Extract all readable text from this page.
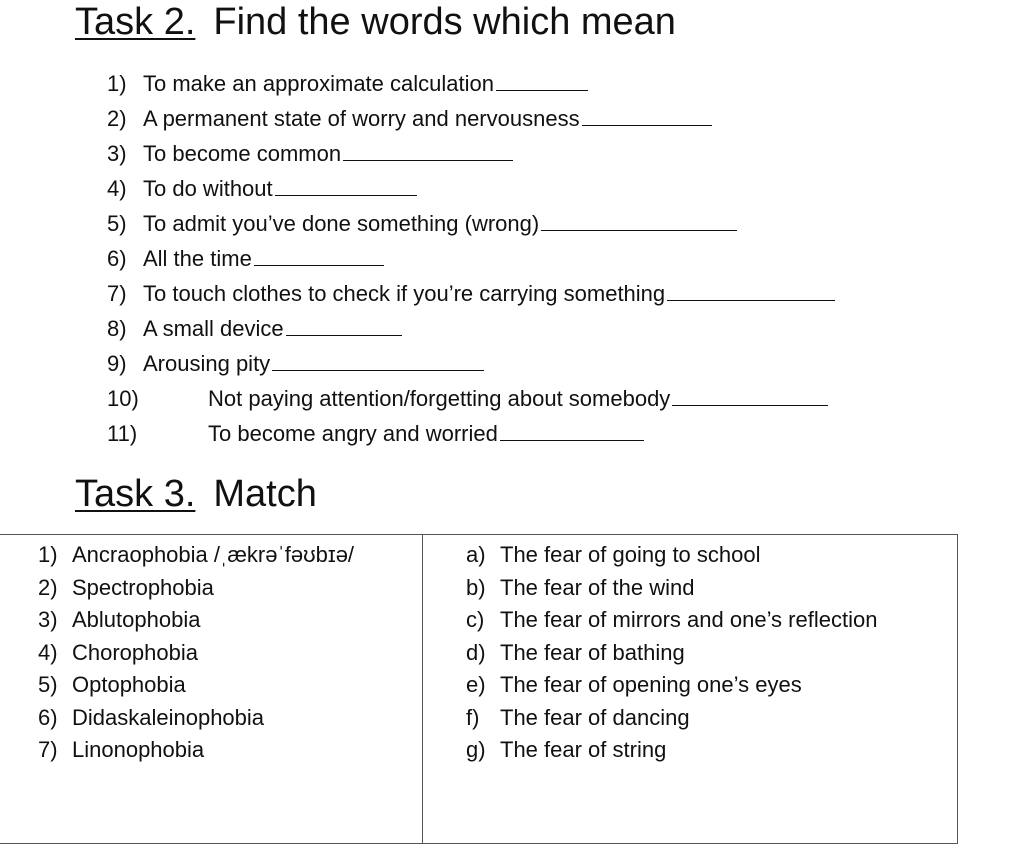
Task 2. Find the words which mean
1) To make an approximate calculation
2) A permanent state of worry and nervousness
3) To become common
4) To do without
5) To admit you’ve done something (wrong)
6) All the time
7) To touch clothes to check if you’re carrying something
8) A small device
9) Arousing pity
10)	Not paying attention/forgetting about somebody
11)	To become angry and worried
Task 3. Match
1) Ancraophobia /ˌækrəˈfəʊbɪə/
2) Spectrophobia
3) Ablutophobia
4) Chorophobia
5) Optophobia
6) Didaskaleinophobia
7) Linonophobia
a) The fear of going to school
b) The fear of the wind
c) The fear of mirrors and one’s reflection
d) The fear of bathing
e) The fear of opening one’s eyes
f) The fear of dancing
g) The fear of string
